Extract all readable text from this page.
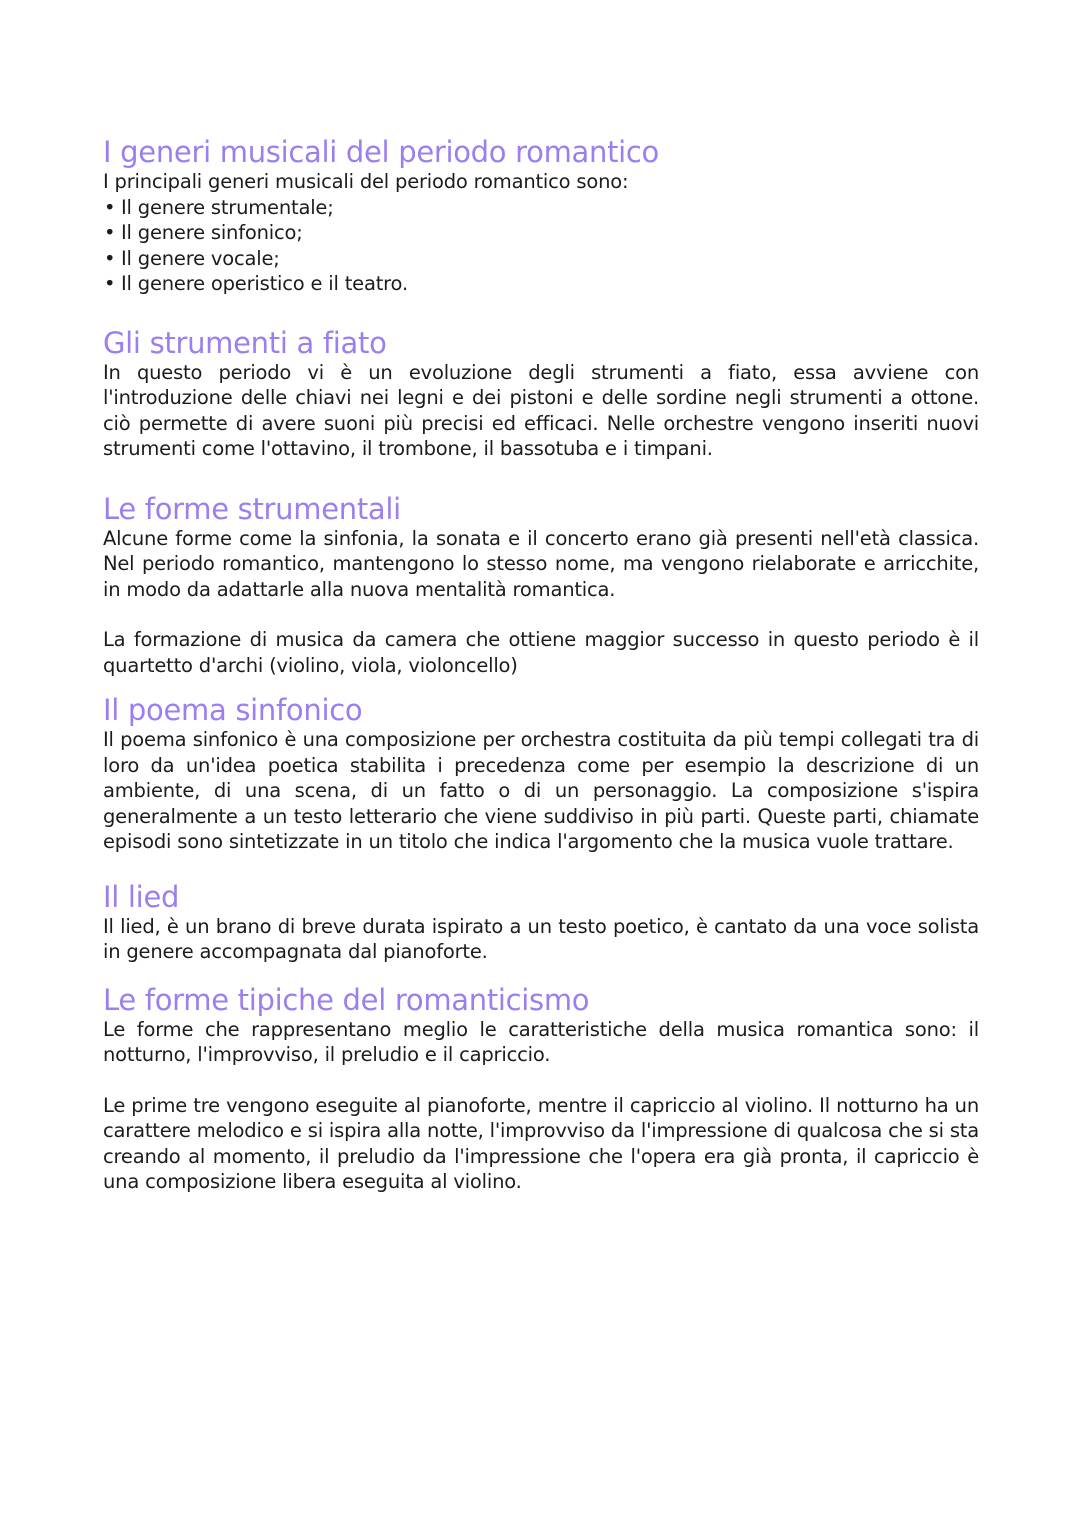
I generi musicali del periodo romantico

I principali generi musicali del periodo romantico sono:

• Il genere strumentale;
• Il genere sinfonico;
• Il genere vocale;
• Il genere operistico e il teatro.
Gli strumenti a fiato

In questo periodo vi è un evoluzione degli strumenti a fiato, essa avviene con l'introduzione delle chiavi nei legni e dei pistoni e delle sordine negli strumenti a ottone. ciò permette di avere suoni più precisi ed efficaci. Nelle orchestre vengono inseriti nuovi strumenti come l'ottavino, il trombone, il bassotuba e i timpani.

Le forme strumentali

Alcune forme come la sinfonia, la sonata e il concerto erano già presenti nell'età classica. Nel periodo romantico, mantengono lo stesso nome, ma vengono rielaborate e arricchite, in modo da adattarle alla nuova mentalità romantica.

La formazione di musica da camera che ottiene maggior successo in questo periodo è il quartetto d'archi (violino, viola, violoncello)

Il poema sinfonico

Il poema sinfonico è una composizione per orchestra costituita da più tempi collegati tra di loro da un'idea poetica stabilita i precedenza come per esempio la descrizione di un ambiente, di una scena, di un fatto o di un personaggio. La composizione s'ispira generalmente a un testo letterario che viene suddiviso in più parti. Queste parti, chiamate episodi sono sintetizzate in un titolo che indica l'argomento che la musica vuole trattare.

Il lied

Il lied, è un brano di breve durata ispirato a un testo poetico, è cantato da una voce solista in genere accompagnata dal pianoforte.

Le forme tipiche del romanticismo

Le forme che rappresentano meglio le caratteristiche della musica romantica sono: il notturno, l'improvviso, il preludio e il capriccio.

Le prime tre vengono eseguite al pianoforte, mentre il capriccio al violino. Il notturno ha un carattere melodico e si ispira alla notte, l'improvviso da l'impressione di qualcosa che si sta creando al momento, il preludio da l'impressione che l'opera era già pronta, il capriccio è una composizione libera eseguita al violino.
